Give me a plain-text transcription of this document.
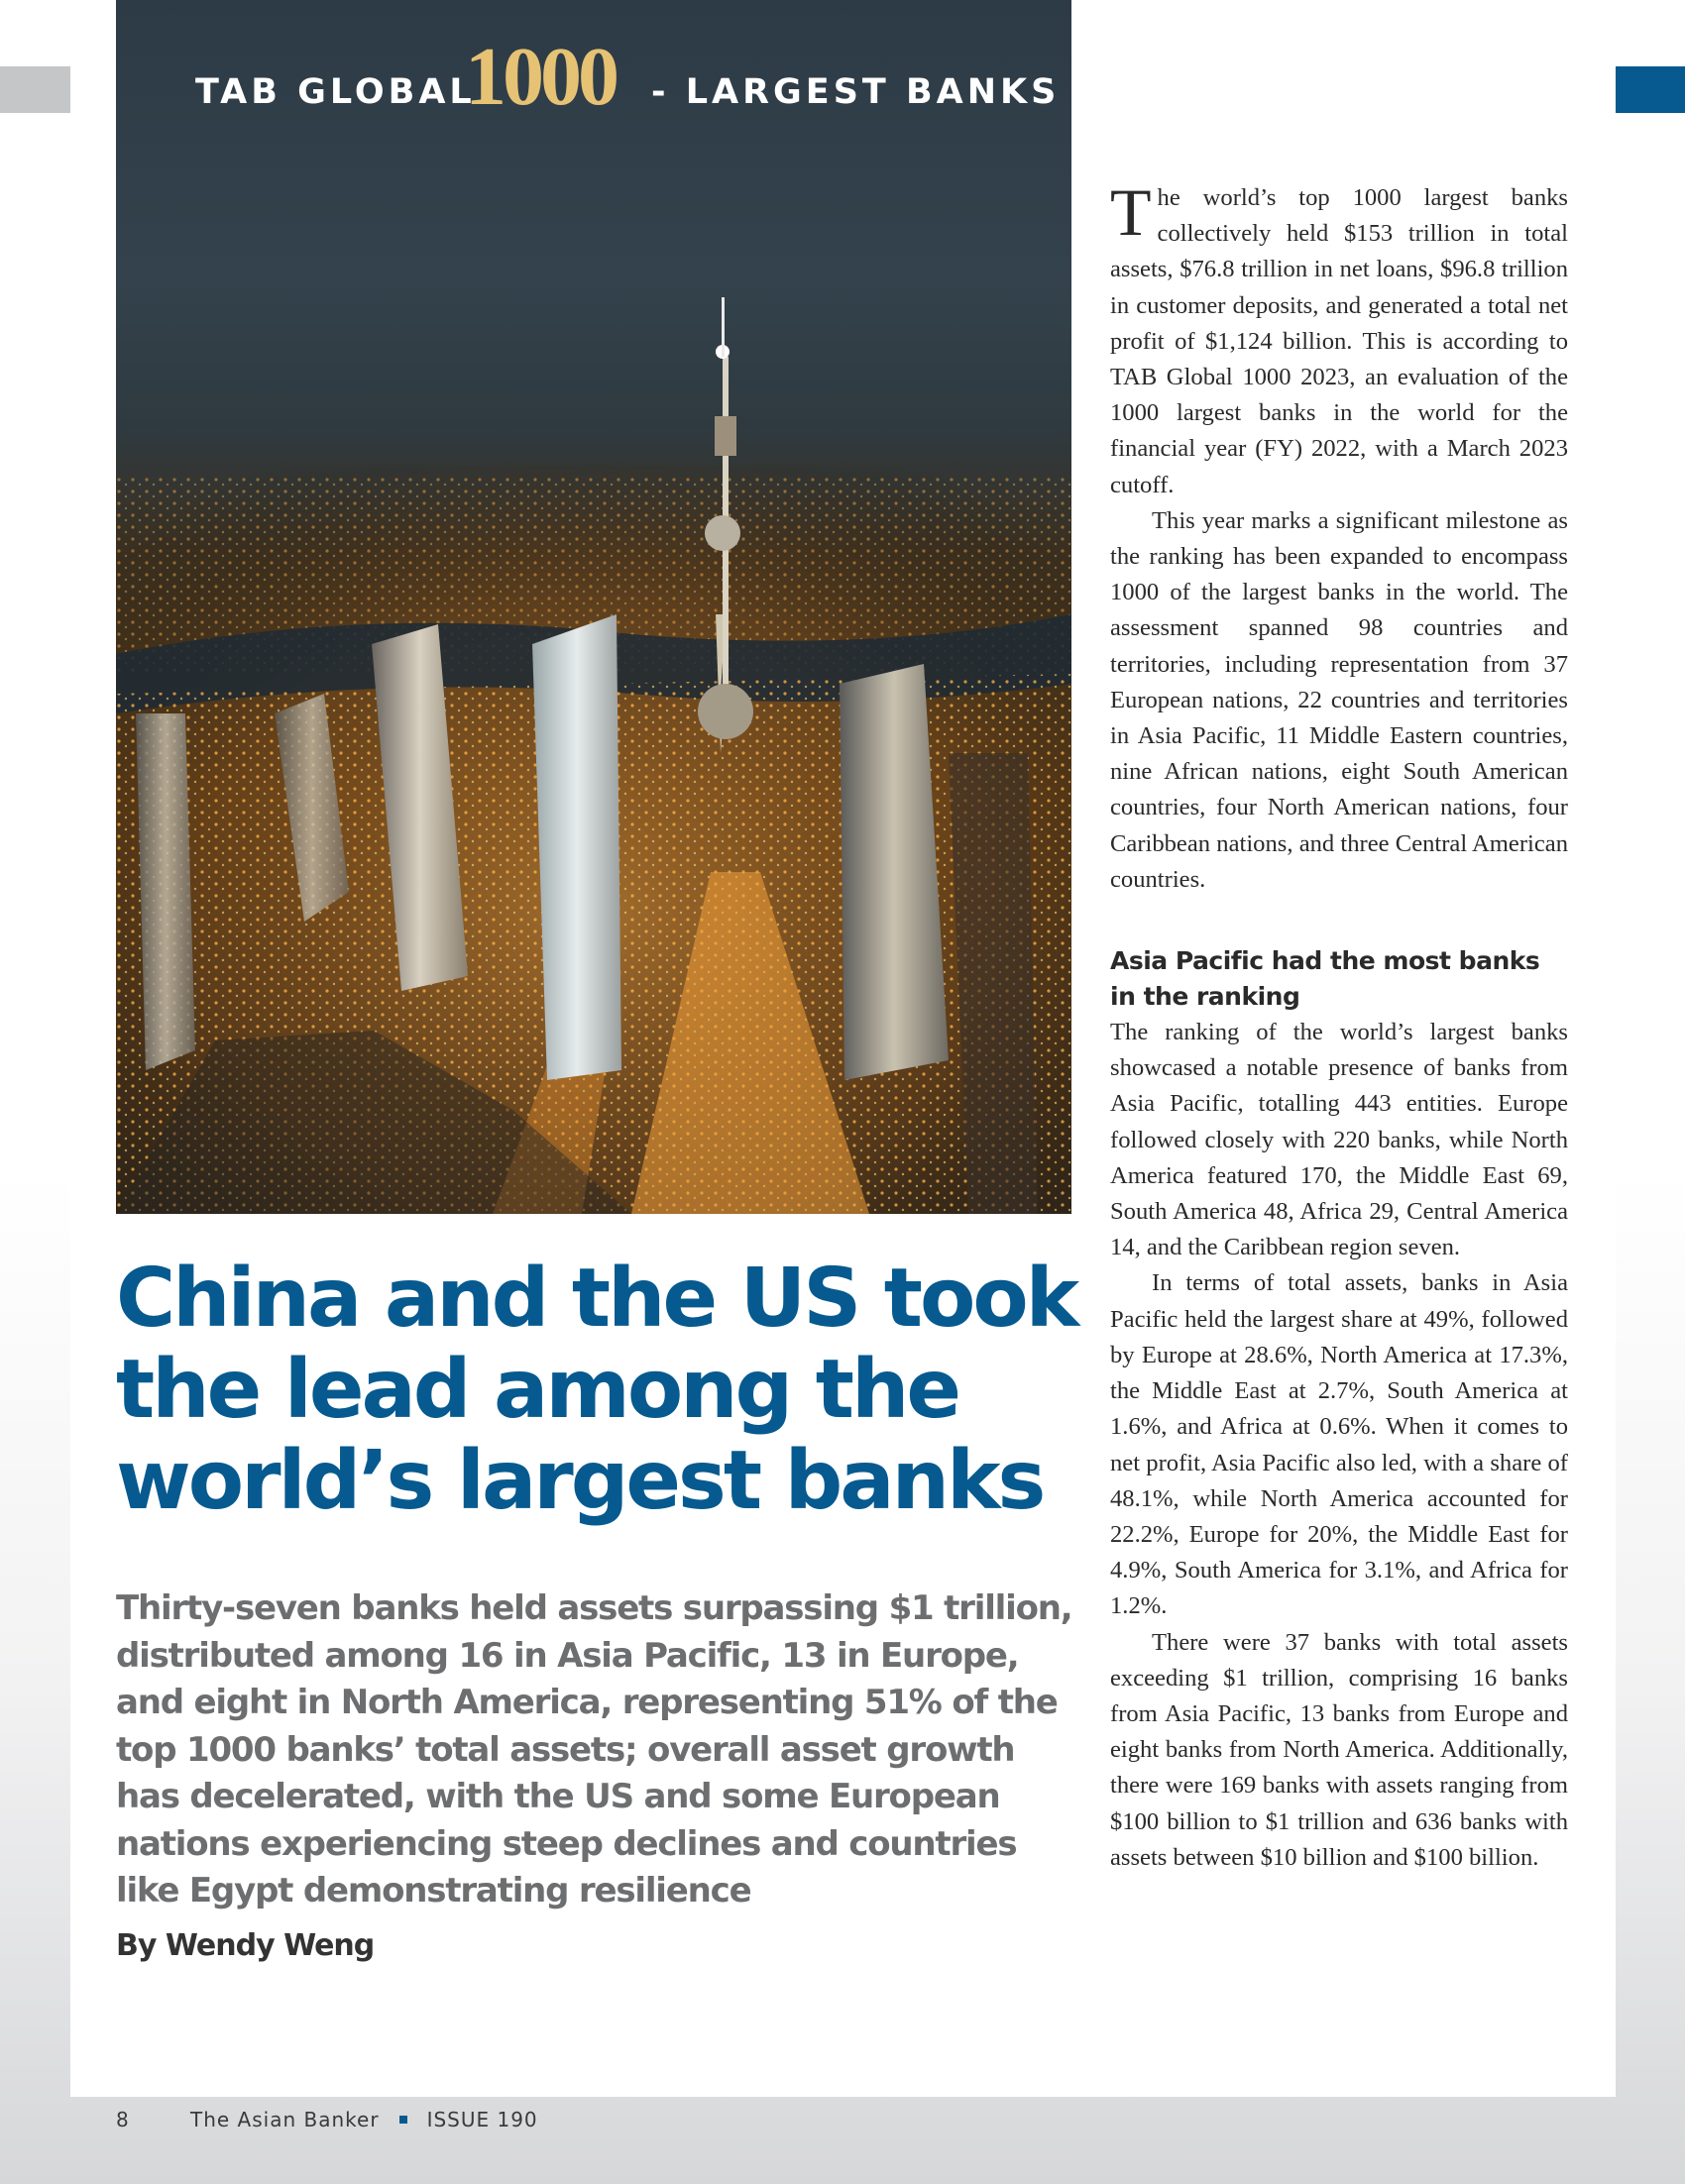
TAB GLOBAL
1000 - LARGEST BANKS

The world’s top 1000 largest banks collectively held $153 trillion in total assets, $76.8 trillion in net loans, $96.8 trillion in customer deposits, and generated a total net profit of $1,124 billion. This is according to TAB Global 1000 2023, an evaluation of the 1000 largest banks in the world for the financial year (FY) 2022, with a March 2023 cutoff.

This year marks a significant milestone as the ranking has been expanded to encompass 1000 of the largest banks in the world. The assessment spanned 98 countries and territories, including representation from 37 European nations, 22 countries and territories in Asia Pacific, 11 Middle Eastern countries, nine African nations, eight South American countries, four North American nations, four Caribbean nations, and three Central American countries.

Asia Pacific had the most banks in the ranking

The ranking of the world’s largest banks showcased a notable presence of banks from Asia Pacific, totalling 443 entities. Europe followed closely with 220 banks, while North America featured 170, the Middle East 69, South America 48, Africa 29, Central America 14, and the Caribbean region seven.

In terms of total assets, banks in Asia Pacific held the largest share at 49%, followed by Europe at 28.6%, North America at 17.3%, the Middle East at 2.7%, South America at 1.6%, and Africa at 0.6%. When it comes to net profit, Asia Pacific also led, with a share of 48.1%, while North America accounted for 22.2%, Europe for 20%, the Middle East for 4.9%, South America for 3.1%, and Africa for 1.2%.

There were 37 banks with total assets exceeding $1 trillion, comprising 16 banks from Asia Pacific, 13 banks from Europe and eight banks from North America. Additionally, there were 169 banks with assets ranging from $100 billion to $1 trillion and 636 banks with assets between $10 billion and $100 billion.

China and the US took the lead among the world’s largest banks

Thirty-seven banks held assets surpassing $1 trillion, distributed among 16 in Asia Pacific, 13 in Europe, and eight in North America, representing 51% of the top 1000 banks’ total assets; overall asset growth has decelerated, with the US and some European nations experiencing steep declines and countries like Egypt demonstrating resilience

By Wendy Weng
8	The Asian Banker ISSUE 190
